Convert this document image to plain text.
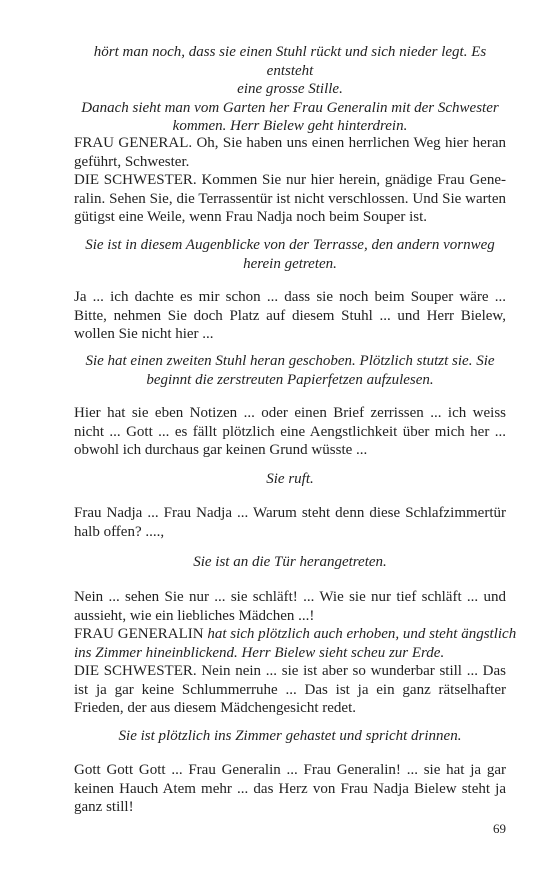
hört man noch, dass sie einen Stuhl rückt und sich nieder legt. Es entsteht
eine grosse Stille.
Danach sieht man vom Garten her Frau Generalin mit der Schwester
kommen. Herr Bielew geht hinterdrein.

FRAU GENERAL. Oh, Sie haben uns einen herrlichen Weg hier heran
geführt, Schwester.
DIE SCHWESTER. Kommen Sie nur hier herein, gnädige Frau Gene-
ralin. Sehen Sie, die Terrassentür ist nicht verschlossen. Und Sie warten
gütigst eine Weile, wenn Frau Nadja noch beim Souper ist.

Sie ist in diesem Augenblicke von der Terrasse, den andern vornweg
herein getreten.

Ja ... ich dachte es mir schon ... dass sie noch beim Souper wäre ...
Bitte, nehmen Sie doch Platz auf diesem Stuhl ... und Herr Bielew,
wollen Sie nicht hier ...

Sie hat einen zweiten Stuhl heran geschoben. Plötzlich stutzt sie. Sie
beginnt die zerstreuten Papierfetzen aufzulesen.

Hier hat sie eben Notizen ... oder einen Brief zerrissen ... ich weiss
nicht ... Gott ... es fällt plötzlich eine Aengstlichkeit über mich her ...
obwohl ich durchaus gar keinen Grund wüsste ...

Sie ruft.

Frau Nadja ... Frau Nadja ... Warum steht denn diese Schlafzimmertür
halb offen? ....,

Sie ist an die Tür herangetreten.

Nein ... sehen Sie nur ... sie schläft! ... Wie sie nur tief schläft ... und
aussieht, wie ein liebliches Mädchen ...!

FRAU GENERALIN hat sich plötzlich auch erhoben, und steht ängstlich
ins Zimmer hineinblickend. Herr Bielew sieht scheu zur Erde.

DIE SCHWESTER. Nein nein ... sie ist aber so wunderbar still ... Das
ist ja gar keine Schlummerruhe ... Das ist ja ein ganz rätselhafter
Frieden, der aus diesem Mädchengesicht redet.

Sie ist plötzlich ins Zimmer gehastet und spricht drinnen.

Gott Gott Gott ... Frau Generalin ... Frau Generalin! ... sie hat ja gar
keinen Hauch Atem mehr ... das Herz von Frau Nadja Bielew steht ja
ganz still!

69
